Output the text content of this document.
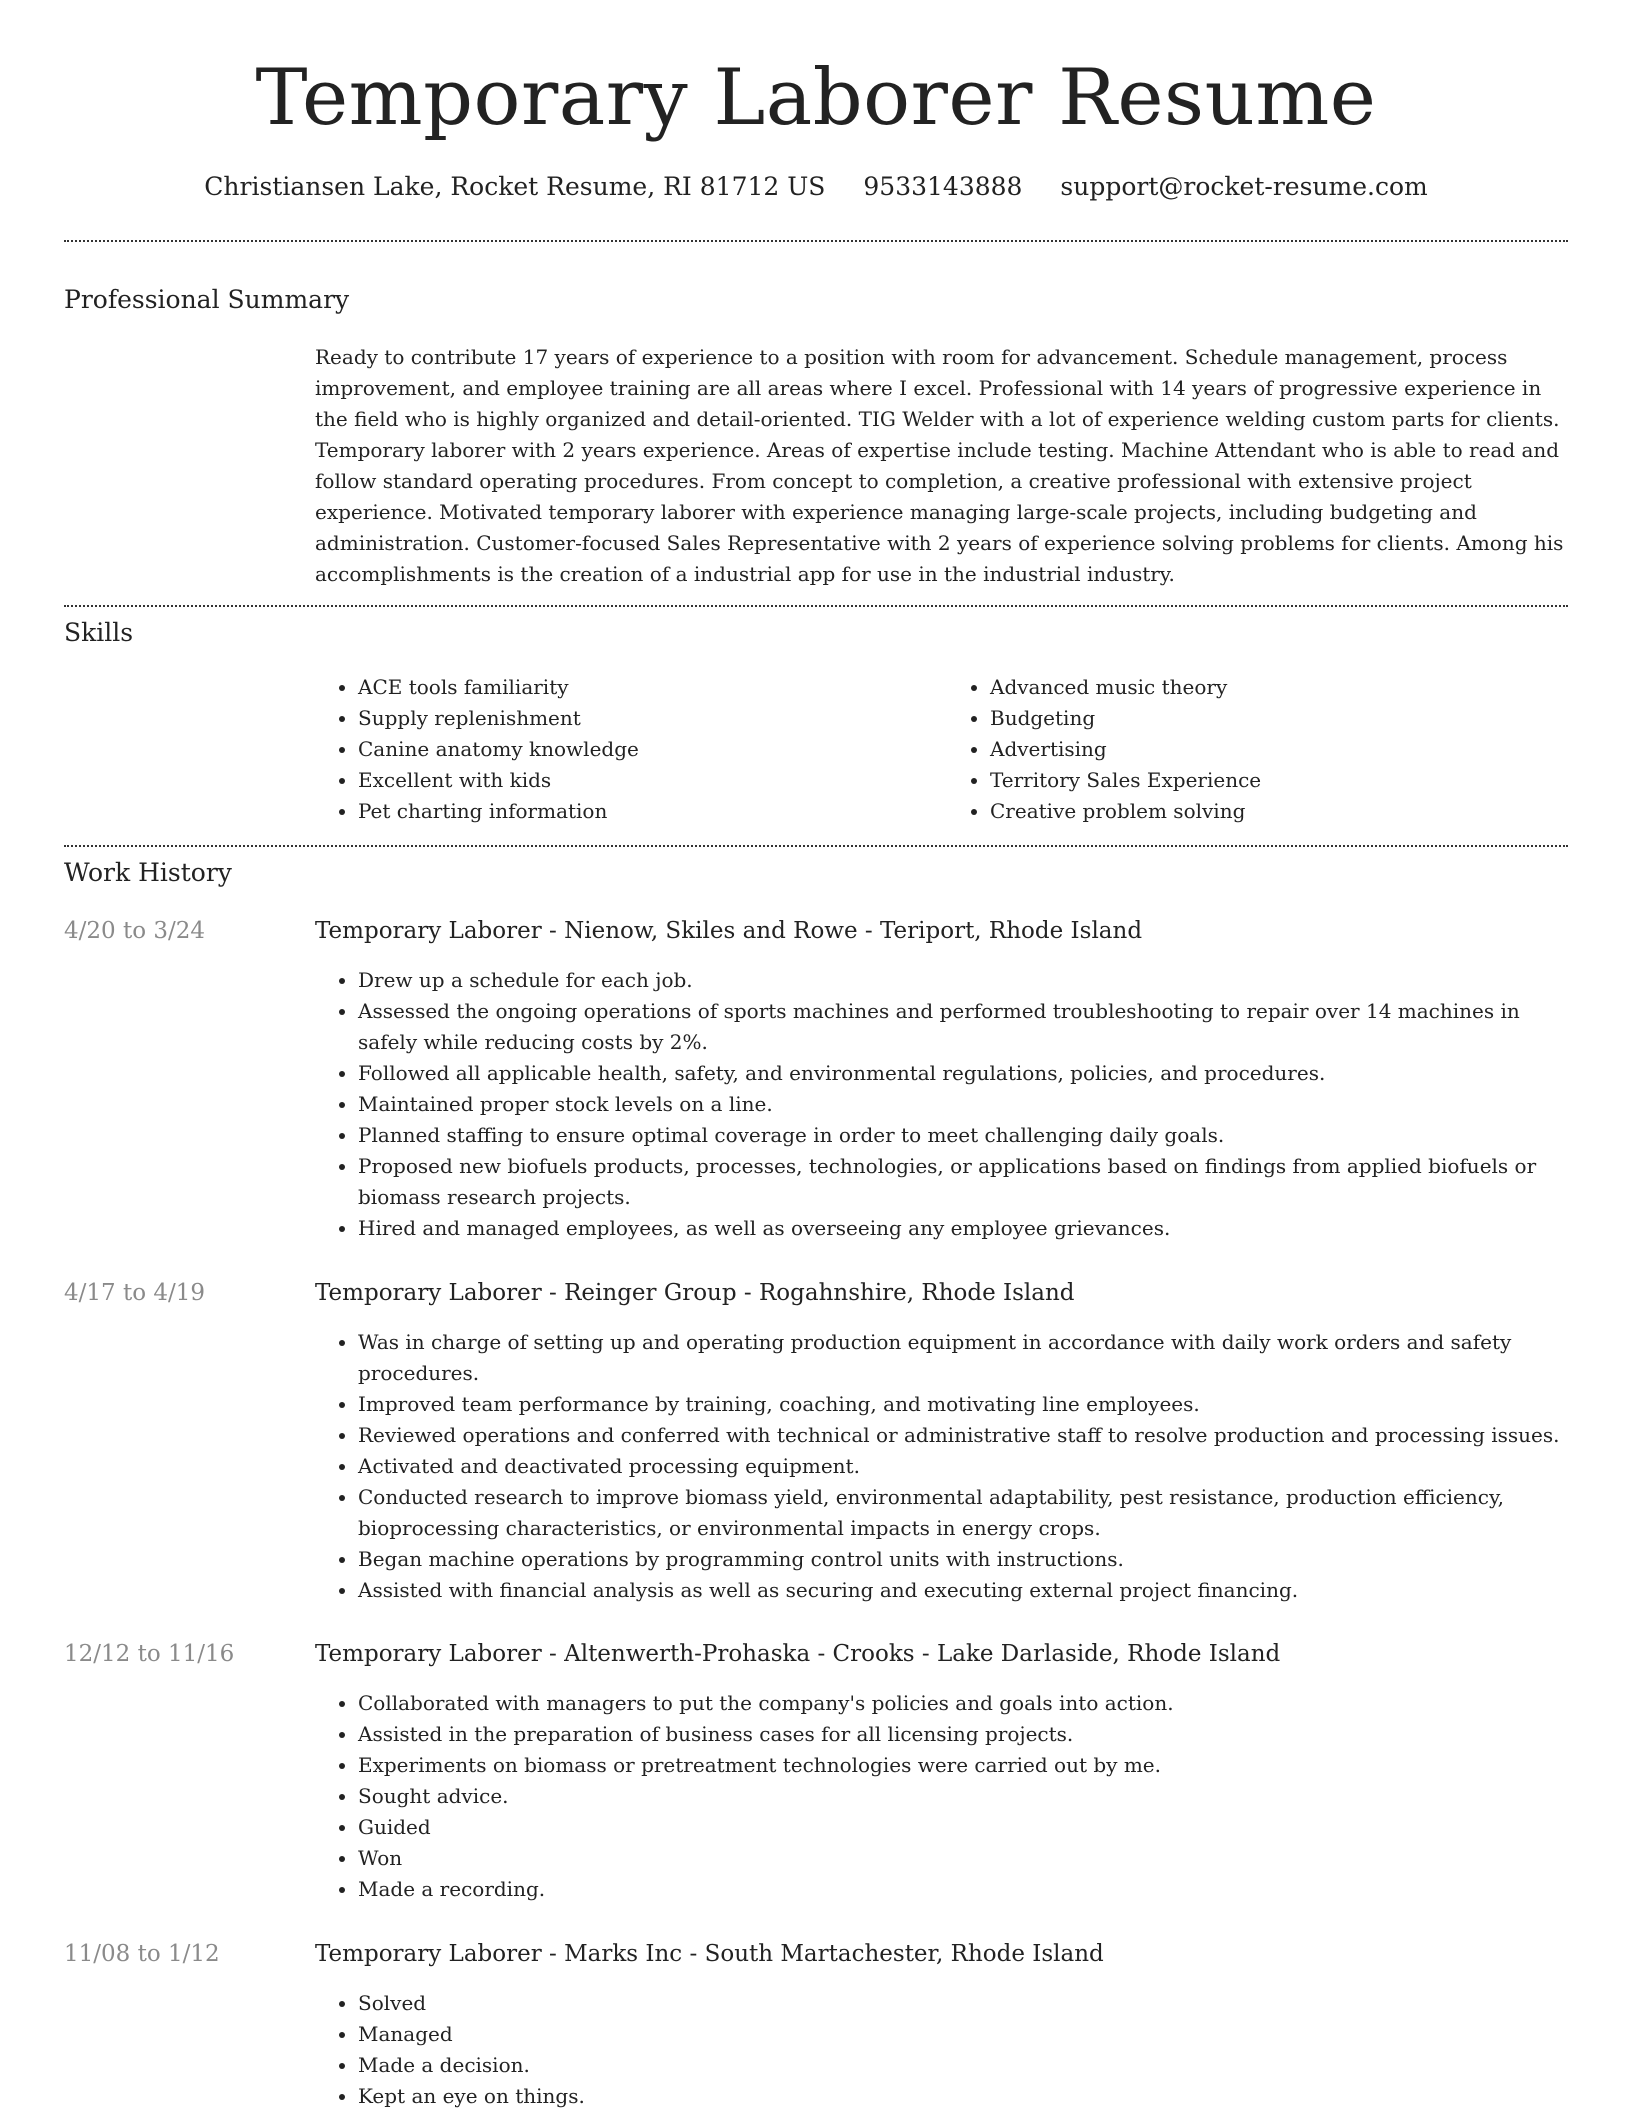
Temporary Laborer Resume
Christiansen Lake, Rocket Resume, RI 81712 US 9533143888 support@rocket-resume.com
Professional Summary

Ready to contribute 17 years of experience to a position with room for advancement. Schedule management, process improvement, and employee training are all areas where I excel. Professional with 14 years of progressive experience in the field who is highly organized and detail-oriented. TIG Welder with a lot of experience welding custom parts for clients. Temporary laborer with 2 years experience. Areas of expertise include testing. Machine Attendant who is able to read and follow standard operating procedures. From concept to completion, a creative professional with extensive project experience. Motivated temporary laborer with experience managing large-scale projects, including budgeting and administration. Customer-focused Sales Representative with 2 years of experience solving problems for clients. Among his accomplishments is the creation of a industrial app for use in the industrial industry.

Skills
• ACE tools familiarity
• Supply replenishment
• Canine anatomy knowledge
• Excellent with kids
• Pet charting information
• Advanced music theory
• Budgeting
• Advertising
• Territory Sales Experience
• Creative problem solving
Work History
4/20 to 3/24	Temporary Laborer - Nienow, Skiles and Rowe - Teriport, Rhode Island
• Drew up a schedule for each job.
• Assessed the ongoing operations of sports machines and performed troubleshooting to repair over 14 machines in safely while reducing costs by 2%.
• Followed all applicable health, safety, and environmental regulations, policies, and procedures.
• Maintained proper stock levels on a line.
• Planned staffing to ensure optimal coverage in order to meet challenging daily goals.
• Proposed new biofuels products, processes, technologies, or applications based on findings from applied biofuels or biomass research projects.
• Hired and managed employees, as well as overseeing any employee grievances.
4/17 to 4/19	Temporary Laborer - Reinger Group - Rogahnshire, Rhode Island
• Was in charge of setting up and operating production equipment in accordance with daily work orders and safety procedures.
• Improved team performance by training, coaching, and motivating line employees.
• Reviewed operations and conferred with technical or administrative staff to resolve production and processing issues.
• Activated and deactivated processing equipment.
• Conducted research to improve biomass yield, environmental adaptability, pest resistance, production efficiency, bioprocessing characteristics, or environmental impacts in energy crops.
• Began machine operations by programming control units with instructions.
• Assisted with financial analysis as well as securing and executing external project financing.
12/12 to 11/16	Temporary Laborer - Altenwerth-Prohaska - Crooks - Lake Darlaside, Rhode Island
• Collaborated with managers to put the company's policies and goals into action.
• Assisted in the preparation of business cases for all licensing projects.
• Experiments on biomass or pretreatment technologies were carried out by me.
• Sought advice.
• Guided
• Won
• Made a recording.
11/08 to 1/12	Temporary Laborer - Marks Inc - South Martachester, Rhode Island
• Solved
• Managed
• Made a decision.
• Kept an eye on things.
